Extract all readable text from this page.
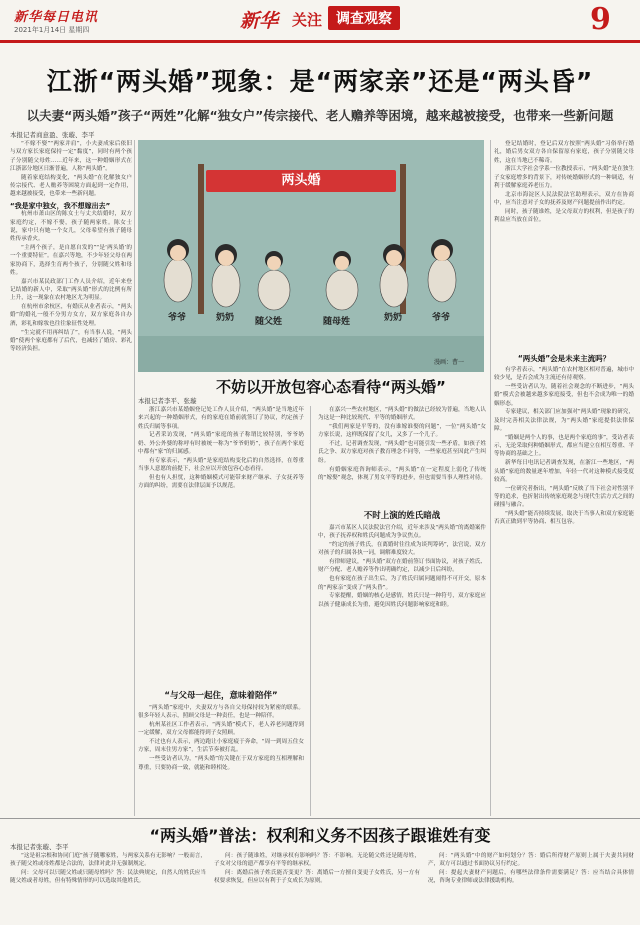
新华每日电讯
2021年1月14日 星期四	新华 关注 调查观察	9
江浙“两头婚”现象：是“两家亲”还是“两头昏”
以夫妻“两头婚”孩子“两姓”化解“独女户”传宗接代、老人赡养等困境，越来越被接受，也带来一些新问题
本报记者商意盈、张璇、李平

“不嫁不娶”“两家并肩”，小夫妻成家后依旧与双方家长家庭保持一定“黏度”，同时有两个孩子分别随父母姓……近年来，这一种婚姻形式在江浙部分地区日渐普遍，人称“两头婚”。

随着家庭结构变化，“两头婚”在化解独女户传宗接代、老人赡养等困境方面起到一定作用，越来越被接受，也带来一些新问题。

“我是家中独女，我不想嫁出去”

杭州市萧山区的陈女士与丈夫结婚时，双方家庭约定，不嫁不娶，孩子随两家姓。陈女士说，家中只有她一个女儿，父母希望有孩子随母姓传承香火。

“主两个孩子，是自愿自发的”“是‘两头婚’的一个重要特征”。在嘉兴等地，不少年轻父母在两家协商下，选择生育两个孩子，分别随父姓和母姓。

嘉兴市某民政部门工作人员介绍，近年来登记结婚的新人中，采取“两头婚”形式的比例有所上升，这一现象在农村地区尤为明显。

在杭州市余杭区，有婚庆从业者表示，“两头婚”的婚礼一般不分男方女方，双方家庭各自办酒，彩礼和嫁妆也往往象征性处理。

“生完就不用再纠结了”，有当事人说，“两头婚”使两个家庭都有了后代，也减轻了婚房、彩礼等经济负担。

两头婚
爷爷	奶奶 随父姓	随母姓	奶奶	爷爷
漫画：曹一
不妨以开放包容心态看待“两头婚”
本报记者李平、张璇

浙江嘉兴市某婚姻登记处工作人员介绍，“两头婚”是当地近年来兴起的一种婚姻形式，有的家庭在婚前就签订了协议，约定孩子姓氏归属等事项。

记者采访发现，“两头婚”家庭的孩子称谓比较特别，爷爷奶奶、外公外婆的称呼有时被统一称为“爷爷奶奶”，孩子在两个家庭中都有“家”的归属感。

有专家表示，“两头婚”是家庭结构变化后的自然选择，在尊重当事人意愿的前提下，社会应以开放包容心态看待。

但也有人担忧，这种婚姻模式可能带来财产继承、子女抚养等方面的纠纷，需要在法律层面予以规范。

“与父母一起住，意味着陪伴”

“两头婚”家庭中，夫妻双方与各自父母保持较为紧密的联系。很多年轻人表示，照顾父母是一种责任，也是一种陪伴。

杭州某社区工作者表示，“两头婚”模式下，老人养老问题得到一定缓解，双方父母都能得到子女照顾。

不过也有人表示，两边跑让小家庭疲于奔命，“周一到周五住女方家，周末住男方家”，生活节奏被打乱。

一些受访者认为，“两头婚”的关键在于双方家庭的互相理解和尊重，只要协商一致，就能和睦相处。

在嘉兴一些农村地区，“两头婚”的做法已经较为普遍，当地人认为这是一种比较现代、平等的婚姻形式。

“我们两家是平等的，没有谁嫁谁娶的问题”，一位“两头婚”女方家长说，这样既保留了女儿，又多了一个儿子。

不过，记者调查发现，“两头婚”也可能引发一些矛盾，如孩子姓氏之争、双方家庭对孩子教育理念不同等，一些家庭甚至因此产生纠纷。

有婚姻家庭咨询师表示，“两头婚”在一定程度上弱化了传统的“嫁娶”观念，体现了男女平等的进步，但也需要当事人理性对待。

不时上演的姓氏暗战

嘉兴市某区人民法院法官介绍，近年来涉及“两头婚”的离婚案件中，孩子抚养权和姓氏问题成为争议焦点。

“约定的孩子姓氏，在离婚时往往成为谈判筹码”，法官说，双方对孩子的归属各执一词，调解难度较大。

有律师建议，“两头婚”双方在婚前签订书面协议，对孩子姓氏、财产分配、老人赡养等作出明确约定，以减少日后纠纷。

也有家庭在孩子出生后，为了姓氏归属问题闹得不可开交，原本的“两家亲”变成了“两头昏”。

专家提醒，婚姻的核心是感情，姓氏只是一种符号，双方家庭应以孩子健康成长为重，避免因姓氏问题影响家庭和睦。

登记结婚时，登记后双方按照“两头婚”习俗举行婚礼，婚后男女双方各自保留原有家庭，孩子分别随父母姓，这在当地已不稀奇。

浙江大学社会学系一位教授表示，“两头婚”是在独生子女家庭增多的背景下，对传统婚姻形式的一种调适，有利于缓解家庭养老压力。

北京市海淀区人民法院法官助理表示，双方在协商中，应当注意对子女的抚养及财产问题提前作出约定。

同时，孩子随谁姓，是父母双方的权利，但是孩子的利益应当放在首位。

“两头婚”会是未来主流吗？

有学者表示，“两头婚”在农村地区相对普遍，城市中较少见，是否会成为主流还有待观察。

一些受访者认为，随着社会观念的不断进步，“两头婚”模式会被越来越多家庭接受，但也不会成为唯一的婚姻形态。

专家建议，相关部门应加强对“两头婚”现象的研究，及时完善相关法律法规，为“两头婚”家庭提供法律保障。

“婚姻是两个人的事，也是两个家庭的事”，受访者表示，无论采取何种婚姻形式，都应当建立在相互尊重、平等协商的基础之上。

新华每日电讯记者调查发现，在浙江一些地区，“两头婚”家庭的数量逐年增加，年轻一代对这种模式接受度较高。

一位研究者指出，“两头婚”反映了当下社会对性别平等的追求，也折射出传统家庭观念与现代生活方式之间的碰撞与融合。

“两头婚”能否持续发展，取决于当事人和双方家庭能否真正做到平等协商、相互包容。

“两头婚”普法：权利和义务不因孩子跟谁姓有变
本报记者张璇、李平

“这是祖宗根和协同门庭”孩子随哪家姓，与两家关系有无影响？一般而言，孩子随父姓或母姓都是合法的，法律对此并无强制规定。

问：父母可以只随父姓或只随母姓吗？答：民法典规定，自然人的姓氏应当随父姓或者母姓，但有特殊情形的可以选取其他姓氏。

问：孩子随谁姓，对继承权有影响吗？答：不影响。无论随父姓还是随母姓，子女对父母的遗产都享有平等的继承权。

问：离婚后孩子姓氏能否变更？答：离婚后一方擅自变更子女姓氏，另一方有权要求恢复，但应以有利于子女成长为原则。

问：“两头婚”中的财产如何划分？答：婚后所得财产原则上属于夫妻共同财产，双方可以通过书面协议另行约定。

问：提起夫妻财产问题后，有哪些法律条件需要满足？答：应当结合具体情况，咨询专业律师或法律援助机构。
